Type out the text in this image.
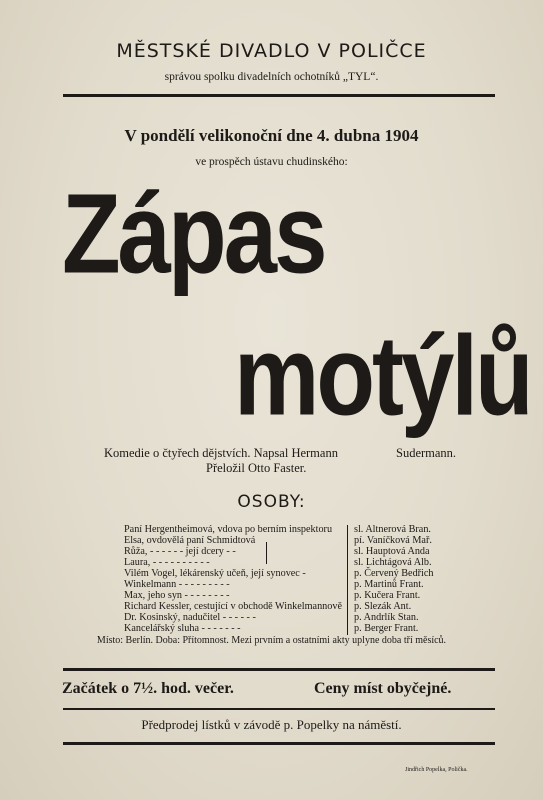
MĚSTSKÉ DIVADLO V POLIČCE
správou spolku divadelních ochotníků „TYL“.
V pondělí velikonoční dne 4. dubna 1904
ve prospěch ústavu chudinského:
Zápas
motýlů
Komedie o čtyřech dějstvích. Napsal Hermann	Sudermann.
Přeložil Otto Faster.
OSOBY:
Paní Hergentheimová, vdova po berním inspektoru sl. Altnerová Bran.
Elsa, ovdovělá paní Schmidtová	pí. Vaníčková Mař.
Růža, - - - - - - její dcery - -	sl. Hauptová Anda
Laura, - - - - - - - - - -	sl. Lichtágová Alb.
Vilém Vogel, lékárenský učeň, její synovec -	p. Červený Bedřich
Winkelmann - - - - - - - - -	p. Martinů Frant.
Max, jeho syn - - - - - - - -	p. Kučera Frant.
Richard Kessler, cestující v obchodě Winkelmannově p. Slezák Ant.
Dr. Kosinský, nadučitel - - - - - -	p. Andrlík Stan.
Kancelářský sluha - - - - - - -	p. Berger Frant.
Místo: Berlín. Doba: Přítomnost. Mezi prvním a ostatními akty uplyne doba tří měsíců.
Začátek o 7½. hod. večer.	Ceny míst obyčejné.
Předprodej lístků v závodě p. Popelky na náměstí.
Jindřich Popelka, Polička.
